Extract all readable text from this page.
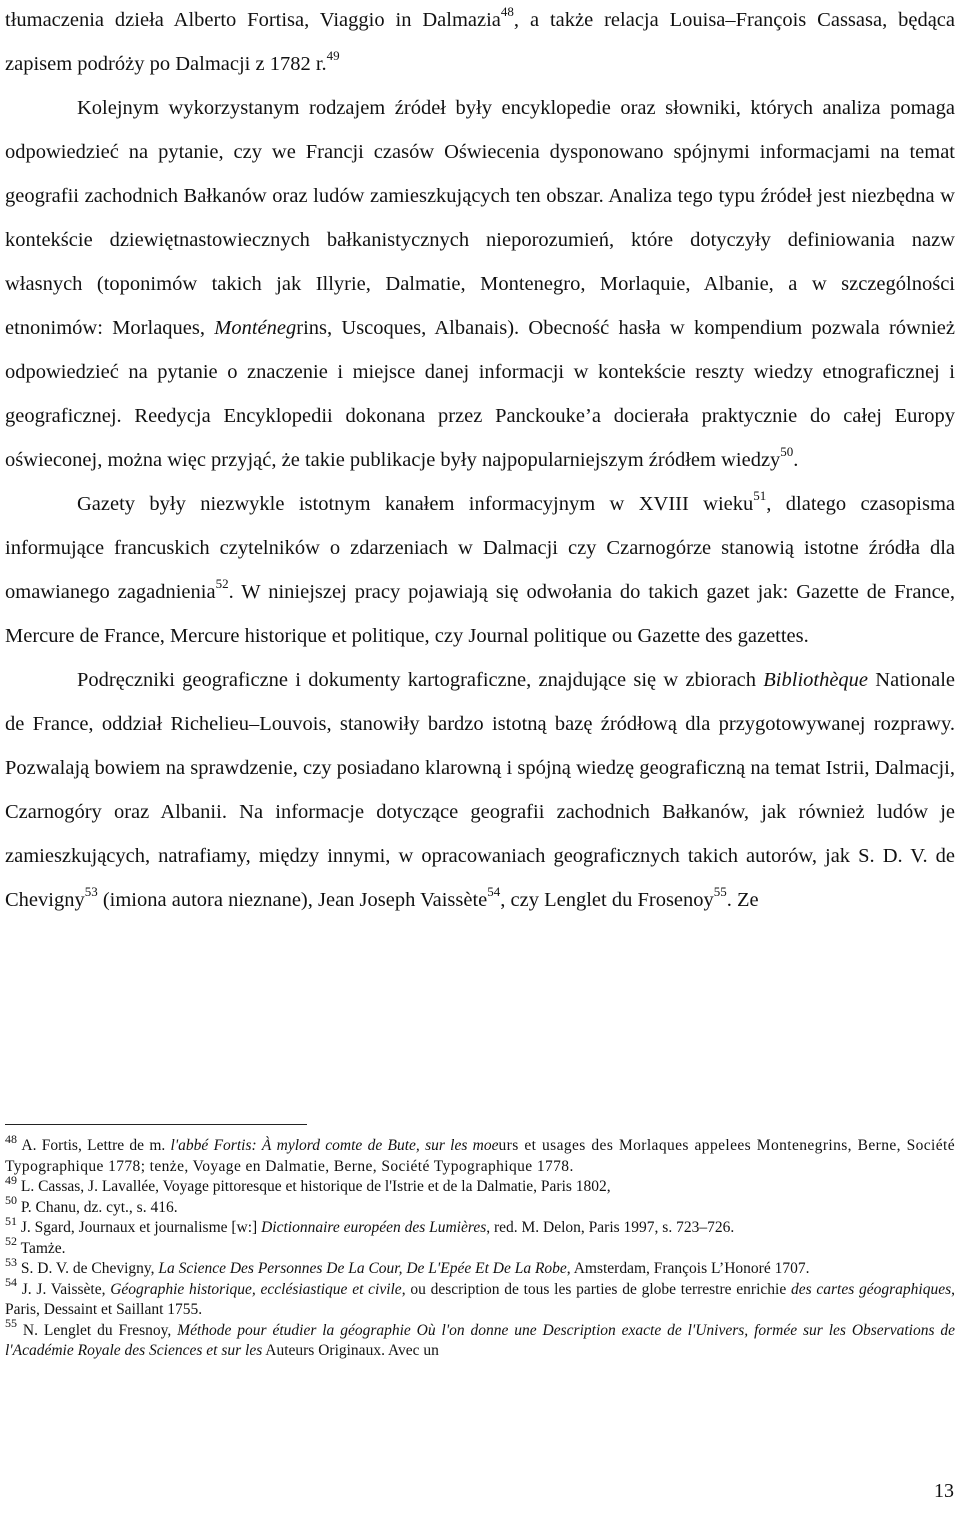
tłumaczenia dzieła Alberto Fortisa, Viaggio in Dalmazia$^{48}$, a także relacja Louisa–François Cassasa, będąca zapisem podróży po Dalmacji z 1782 r.$^{49}$

Kolejnym wykorzystanym rodzajem źródeł były encyklopedie oraz słowniki, których analiza pomaga odpowiedzieć na pytanie, czy we Francji czasów Oświecenia dysponowano spójnymi informacjami na temat geografii zachodnich Bałkanów oraz ludów zamieszkujących ten obszar. Analiza tego typu źródeł jest niezbędna w kontekście dziewiętnastowiecznych bałkanistycznych nieporozumień, które dotyczyły definiowania nazw własnych (toponimów takich jak Illyrie, Dalmatie, Montenegro, Morlaquie, Albanie, a w szczególności etnonimów: Morlaques, Monténegrins, Uscoques, Albanais). Obecność hasła w kompendium pozwala również odpowiedzieć na pytanie o znaczenie i miejsce danej informacji w kontekście reszty wiedzy etnograficznej i geograficznej. Reedycja Encyklopedii dokonana przez Panckouke’a docierała praktycznie do całej Europy oświeconej, można więc przyjąć, że takie publikacje były najpopularniejszym źródłem wiedzy$^{50}$.

Gazety były niezwykle istotnym kanałem informacyjnym w XVIII wieku$^{51}$, dlatego czasopisma informujące francuskich czytelników o zdarzeniach w Dalmacji czy Czarnogórze stanowią istotne źródła dla omawianego zagadnienia$^{52}$. W niniejszej pracy pojawiają się odwołania do takich gazet jak: Gazette de France, Mercure de France, Mercure historique et politique, czy Journal politique ou Gazette des gazettes.

Podręczniki geograficzne i dokumenty kartograficzne, znajdujące się w zbiorach Bibliothèque Nationale de France, oddział Richelieu–Louvois, stanowiły bardzo istotną bazę źródłową dla przygotowywanej rozprawy. Pozwalają bowiem na sprawdzenie, czy posiadano klarowną i spójną wiedzę geograficzną na temat Istrii, Dalmacji, Czarnogóry oraz Albanii. Na informacje dotyczące geografii zachodnich Bałkanów, jak również ludów je zamieszkujących, natrafiamy, między innymi, w opracowaniach geograficznych takich autorów, jak S. D. V. de Chevigny$^{53}$ (imiona autora nieznane), Jean Joseph Vaissète$^{54}$, czy Lenglet du Frosenoy$^{55}$. Ze

$^{48}$ A. Fortis, Lettre de m. l'abbé Fortis: À mylord comte de Bute, sur les moeurs et usages des Morlaques appelees Montenegrins, Berne, Société Typographique 1778; tenże, Voyage en Dalmatie, Berne, Société Typographique 1778.

$^{49}$ L. Cassas, J. Lavallée, Voyage pittoresque et historique de l'Istrie et de la Dalmatie, Paris 1802,

$^{50}$ P. Chanu, dz. cyt., s. 416.

$^{51}$ J. Sgard, Journaux et journalisme [w:] Dictionnaire européen des Lumières, red. M. Delon, Paris 1997, s. 723–726.

$^{52}$ Tamże.

$^{53}$ S. D. V. de Chevigny, La Science Des Personnes De La Cour, De L'Epée Et De La Robe, Amsterdam, François L’Honoré 1707.

$^{54}$ J. J. Vaissète, Géographie historique, ecclésiastique et civile, ou description de tous les parties de globe terrestre enrichie des cartes géographiques, Paris, Dessaint et Saillant 1755.

$^{55}$ N. Lenglet du Fresnoy, Méthode pour étudier la géographie Où l'on donne une Description exacte de l'Univers, formée sur les Observations de l'Académie Royale des Sciences et sur les Auteurs Originaux. Avec un

13
